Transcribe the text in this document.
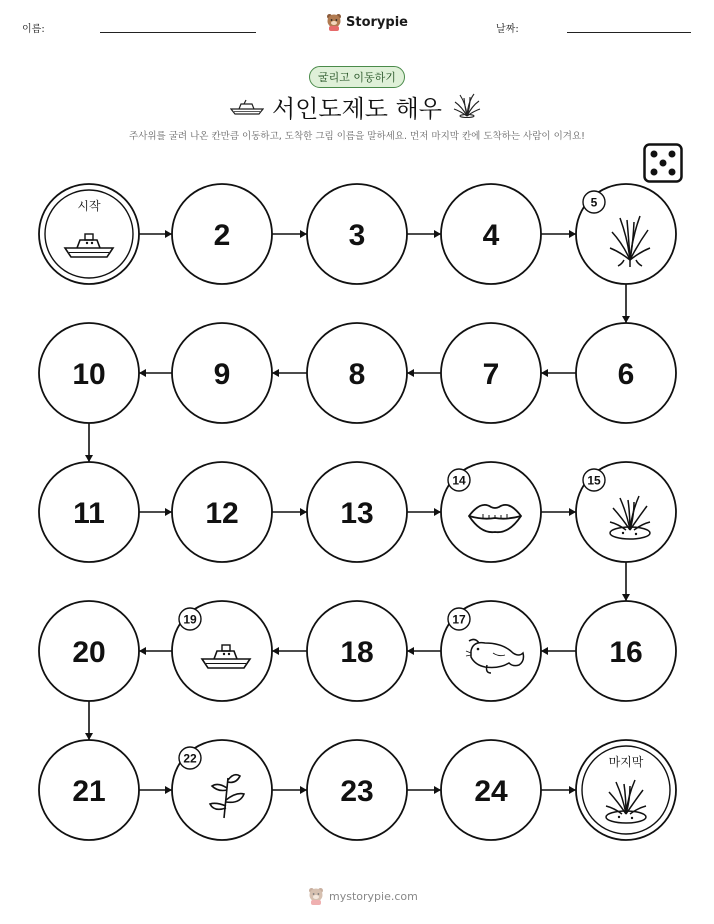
이름:	Storypie	날짜:
굴리고 이동하기
서인도제도 해우
주사위를 굴려 나온 칸만큼 이동하고, 도착한 그림 이름을 말하세요. 먼저 마지막 칸에 도착하는 사람이 이겨요!
시작
2	3	4
5
6
7
8
9
10
11	12	13
14	15
16
17
18
19
20
21
22
23	24
마지막
mystorypie.com
